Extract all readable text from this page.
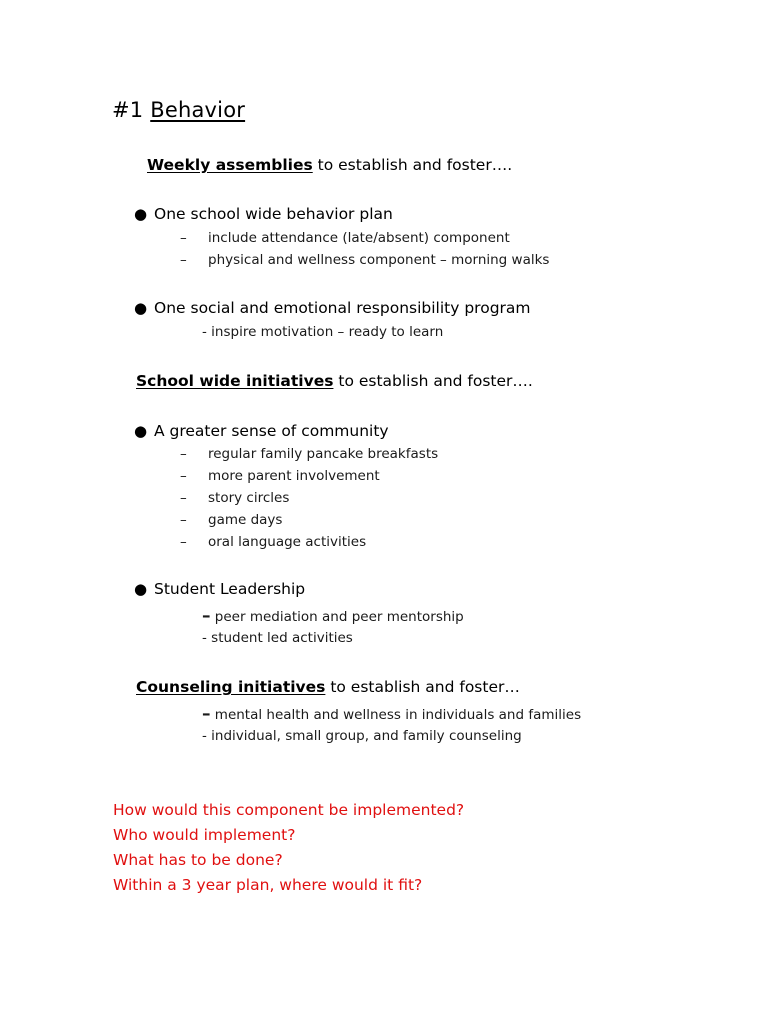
#1 Behavior
Weekly assemblies to establish and foster….
● One school wide behavior plan
– include attendance (late/absent) component
– physical and wellness component – morning walks
● One social and emotional responsibility program
- inspire motivation – ready to learn
School wide initiatives to establish and foster….
● A greater sense of community
– regular family pancake breakfasts
– more parent involvement
– story circles
– game days
– oral language activities
● Student Leadership
– peer mediation and peer mentorship
- student led activities
Counseling initiatives to establish and foster…
– mental health and wellness in individuals and families
- individual, small group, and family counseling
How would this component be implemented?
Who would implement?
What has to be done?
Within a 3 year plan, where would it fit?
